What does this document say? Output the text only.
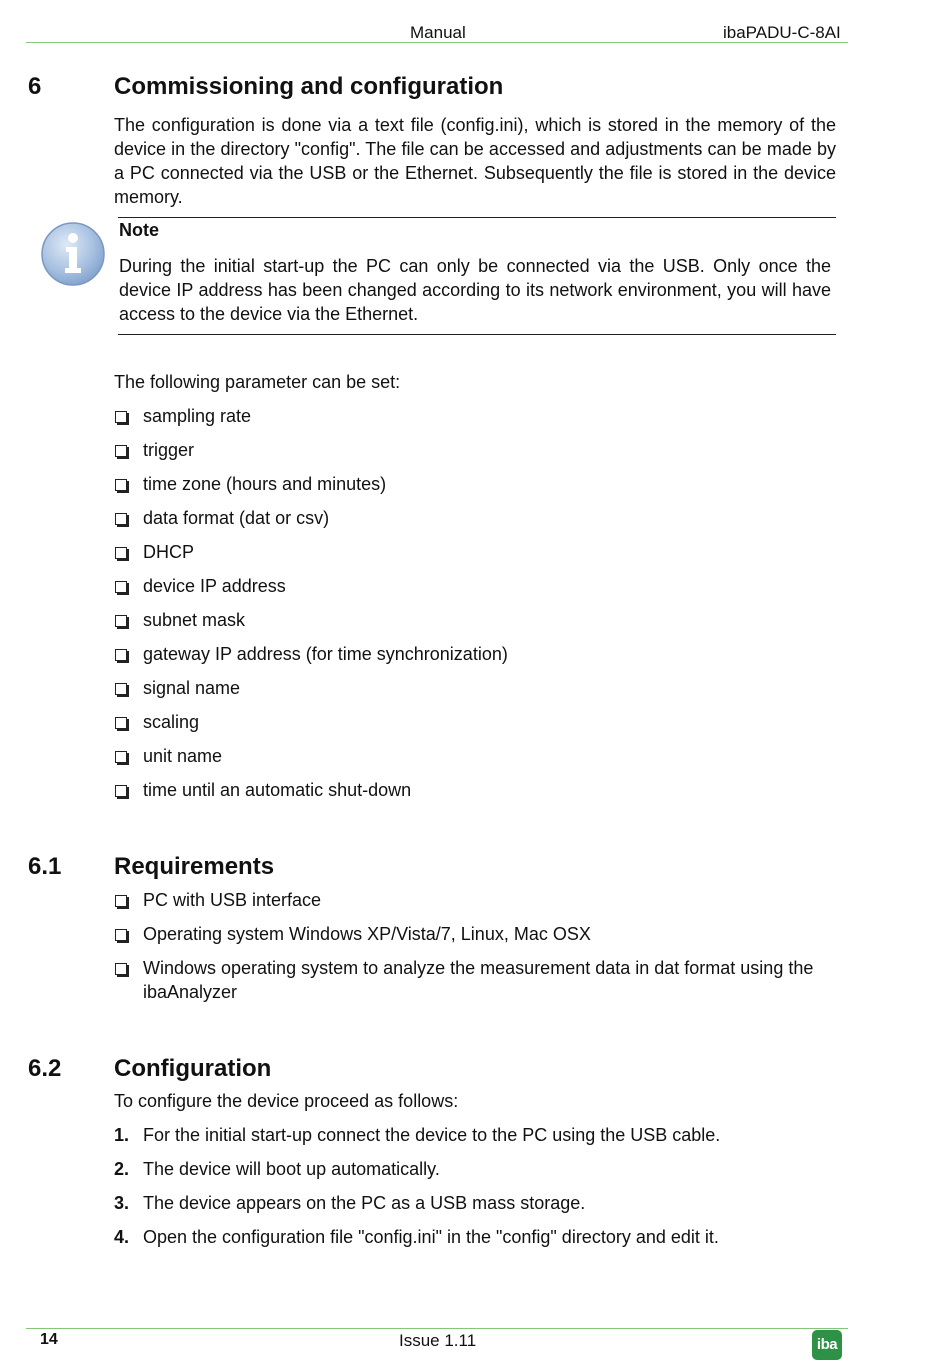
Manual	ibaPADU-C-8AI
6	Commissioning and configuration
The configuration is done via a text file (config.ini), which is stored in the memory of the device in the directory "config". The file can be accessed and adjustments can be made by a PC connected via the USB or the Ethernet. Subsequently the file is stored in the device memory.
Note
During the initial start-up the PC can only be connected via the USB. Only once the device IP address has been changed according to its network environment, you will have access to the device via the Ethernet.
The following parameter can be set:
sampling rate
trigger
time zone (hours and minutes)
data format (dat or csv)
DHCP
device IP address
subnet mask
gateway IP address (for time synchronization)
signal name
scaling
unit name
time until an automatic shut-down
6.1 Requirements
PC with USB interface
Operating system Windows XP/Vista/7, Linux, Mac OSX
Windows operating system to analyze the measurement data in dat format using the ibaAnalyzer
6.2 Configuration
To configure the device proceed as follows:
1. For the initial start-up connect the device to the PC using the USB cable.
2. The device will boot up automatically.
3. The device appears on the PC as a USB mass storage.
4. Open the configuration file "config.ini" in the "config" directory and edit it.
14	Issue 1.11	iba
